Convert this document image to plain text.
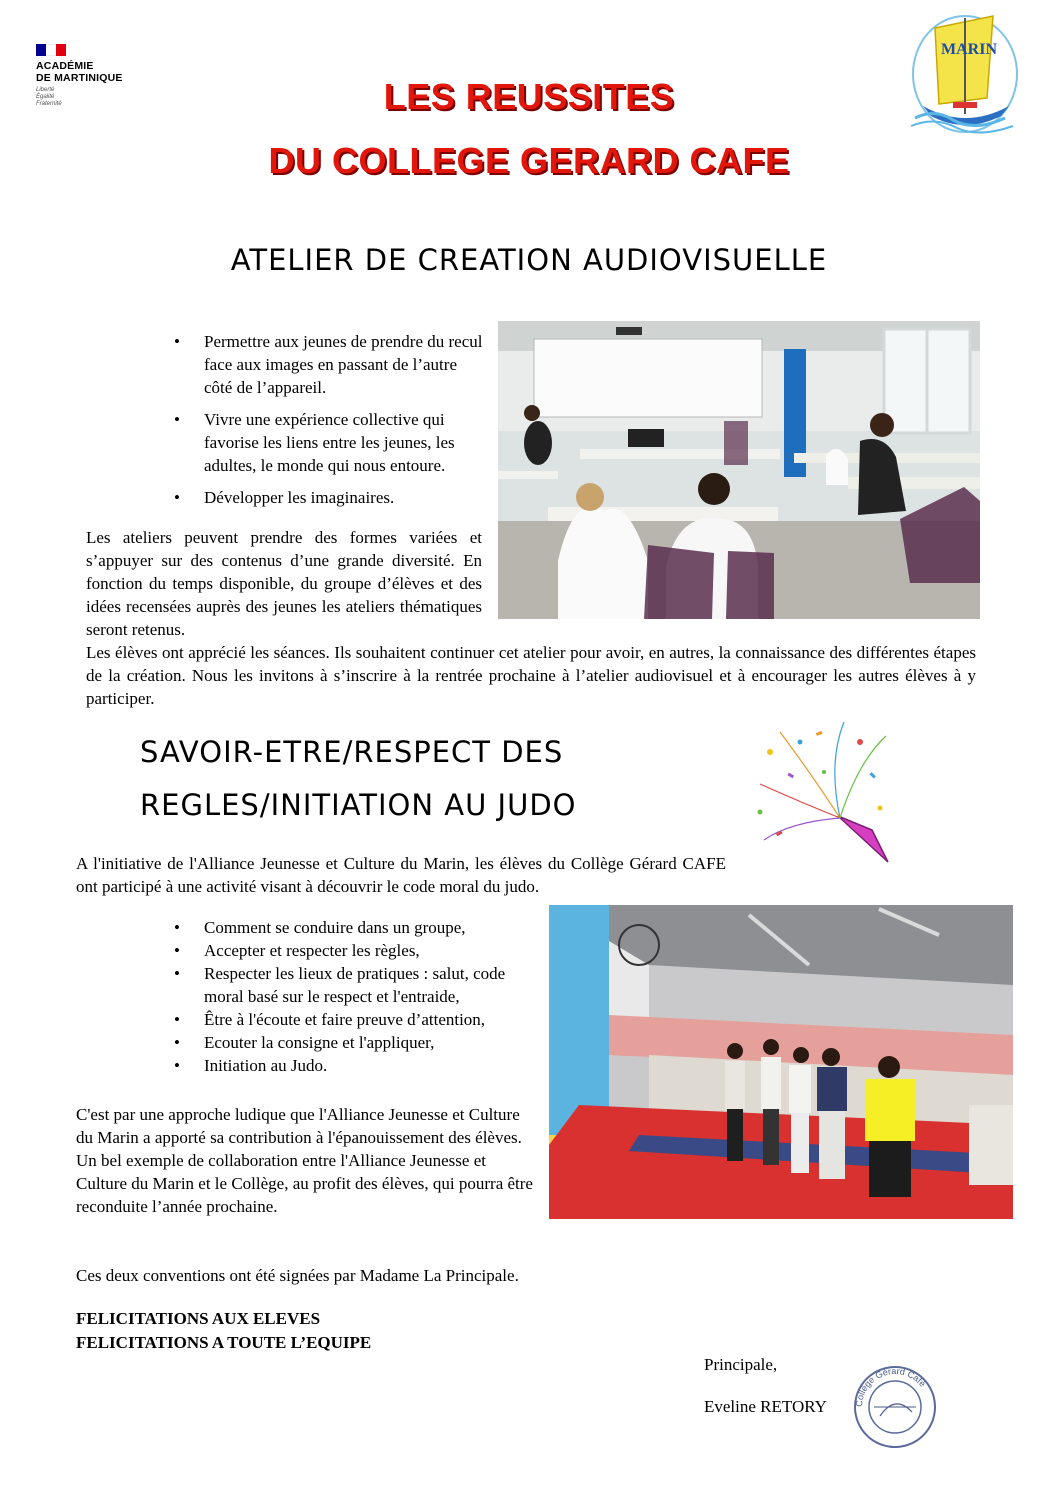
ACADÉMIE
DE MARTINIQUE
Liberté
Égalité
Fraternité	LES REUSSITES
DU COLLEGE GERARD CAFE
MARIN
ATELIER DE CREATION AUDIOVISUELLE
• Permettre aux jeunes de prendre du recul face aux images en passant de l’autre côté de l’appareil.
• Vivre une expérience collective qui favorise les liens entre les jeunes, les adultes, le monde qui nous entoure.
• Développer les imaginaires.
Les ateliers peuvent prendre des formes variées et s’appuyer sur des contenus d’une grande diversité. En fonction du temps disponible, du groupe d’élèves et des idées recensées auprès des jeunes les ateliers thématiques seront retenus.
Les élèves ont apprécié les séances. Ils souhaitent continuer cet atelier pour avoir, en autres, la connaissance des différentes étapes de la création. Nous les invitons à s’inscrire à la rentrée prochaine à l’atelier audiovisuel et à encourager les autres élèves à y participer.
SAVOIR-ETRE/RESPECT DES
REGLES/INITIATION AU JUDO
A l'initiative de l'Alliance Jeunesse et Culture du Marin, les élèves du Collège Gérard CAFE ont participé à une activité visant à découvrir le code moral du judo.
• Comment se conduire dans un groupe,
• Accepter et respecter les règles,
• Respecter les lieux de pratiques : salut, code moral basé sur le respect et l'entraide,
• Être à l'écoute et faire preuve d’attention,
• Ecouter la consigne et l'appliquer,
• Initiation au Judo.
C'est par une approche ludique que l'Alliance Jeunesse et Culture du Marin a apporté sa contribution à l'épanouissement des élèves. Un bel exemple de collaboration entre l'Alliance Jeunesse et Culture du Marin et le Collège, au profit des élèves, qui pourra être reconduite l’année prochaine.
Ces deux conventions ont été signées par Madame La Principale.
FELICITATIONS AUX ELEVES
FELICITATIONS A TOUTE L’EQUIPE
Principale,
Eveline RETORY	Collège Gérard Café
